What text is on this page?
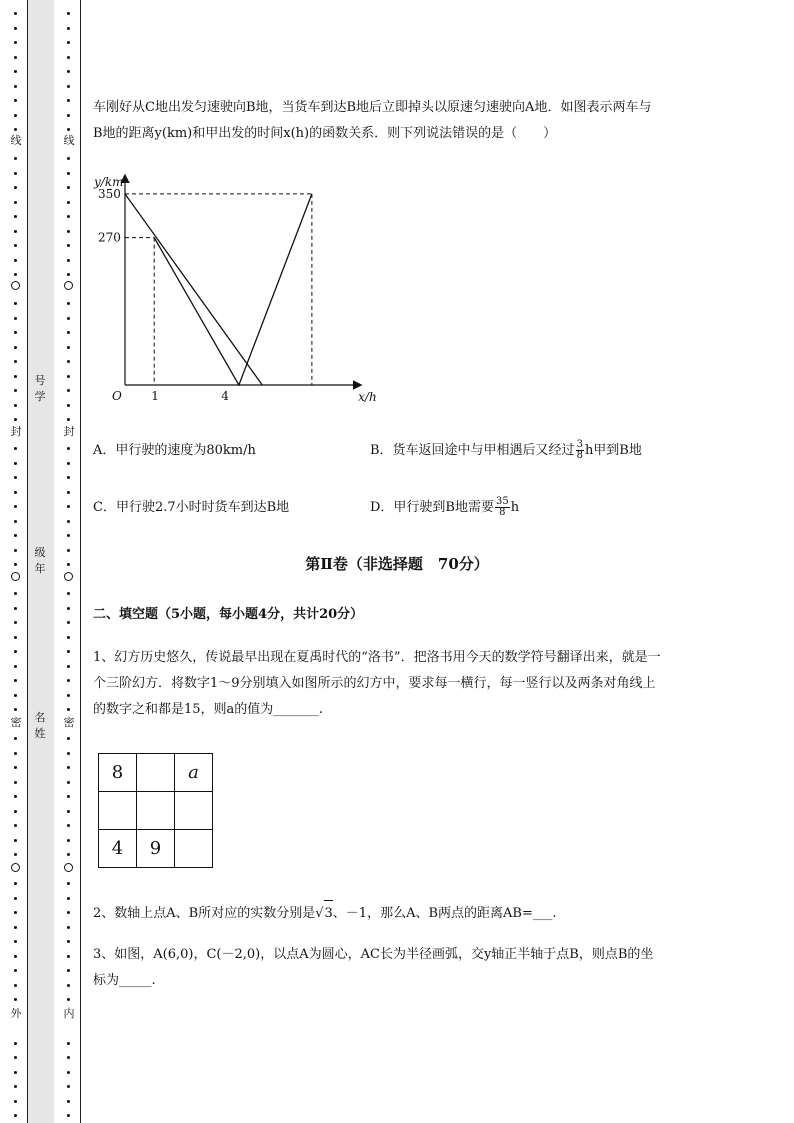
线
封
密
外
线
封
密
内
号学
级年
名姓
车刚好从C地出发匀速驶向B地，当货车到达B地后立即掉头以原速匀速驶向A地．如图表示两车与
B地的距离y(km)和甲出发的时间x(h)的函数关系．则下列说法错误的是（　　）
y/km
x/h
O
350
270
1	4
A．甲行驶的速度为80km/h	B．货车返回途中与甲相遇后又经过 $\frac{3}{8}$ h甲到B地
C．甲行驶2.7小时时货车到达B地	D．甲行驶到B地需要 $\frac{35}{8}$ h
第Ⅱ卷（非选择题　70分）
二、填空题（5小题，每小题4分，共计20分）
1、幻方历史悠久，传说最早出现在夏禹时代的“洛书”．把洛书用今天的数学符号翻译出来，就是一
个三阶幻方．将数字1～9分别填入如图所示的幻方中，要求每一横行，每一竖行以及两条对角线上
的数字之和都是15，则a的值为_______.
8		a

4	9	
2、数轴上点A、B所对应的实数分别是√3、－1，那么A、B两点的距离AB=___.
3、如图，A(6,0)，C(－2,0)，以点A为圆心，AC长为半径画弧，交y轴正半轴于点B，则点B的坐
标为_____.
